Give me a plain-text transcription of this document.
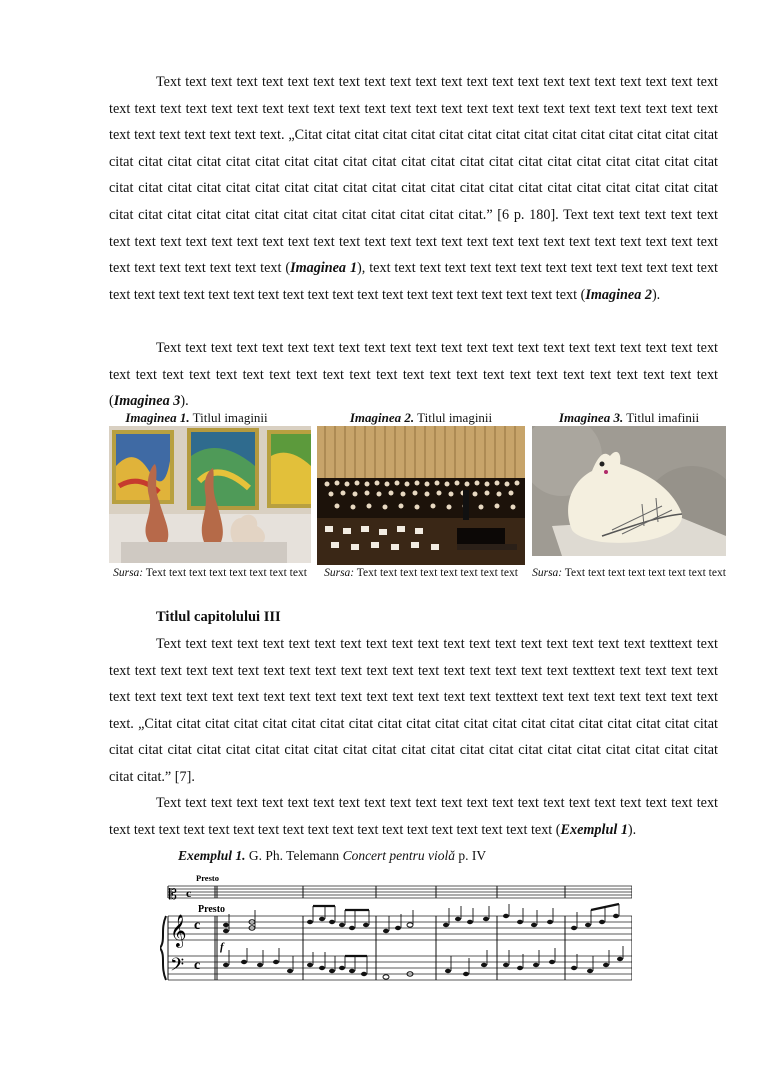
Text text text text text text text text text text text text text text text text text text text text text text text text text text text text text text text text text text text text text text text text text text text text text text text text text text text text text. „Citat citat citat citat citat citat citat citat citat citat citat citat citat citat citat citat citat citat citat citat citat citat citat citat citat citat citat citat citat citat citat citat citat citat citat citat citat citat citat citat citat citat citat citat citat citat citat citat citat citat citat citat citat citat citat citat citat citat citat citat citat citat citat citat citat citat citat citat citat citat.” [6 p. 180]. Text text text text text text text text text text text text text text text text text text text text text text text text text text text text text text text text text text text text text (Imaginea 1), text text text text text text text text text text text text text text text text text text text text text text text text text text text text text text text text text (Imaginea 2).

Text text text text text text text text text text text text text text text text text text text text text text text text text text text text text text text text text text text text text text text text text text text text text (Imaginea 3).

Imaginea 1. Titlul imaginii	Imaginea 2. Titlul imaginii	Imaginea 3. Titlul imafinii
Sursa: Text text text text text text text text	Sursa: Text text text text text text text text	Sursa: Text text text text text text text text
Titlul capitolului III

Text text text text text text text text text text text text text text text text text text text texttext text text text text text text text text text text text text text text text text text text text texttext text text text text text text text text text text text text text text text text text text text texttext text text text text text text text text. „Citat citat citat citat citat citat citat citat citat citat citat citat citat citat citat citat citat citat citat citat citat citat citat citat citat citat citat citat citat citat citat citat citat citat citat citat citat citat citat citat citat citat citat.” [7].

Text text text text text text text text text text text text text text text text text text text text text text text text text text text text text text text text text text text text text text text text (Exemplul 1).

Exemplul 1. G. Ph. Telemann Concert pentru violă p. IV
Presto
Presto
f
𝄡
𝄞
𝄢
c
c
c
